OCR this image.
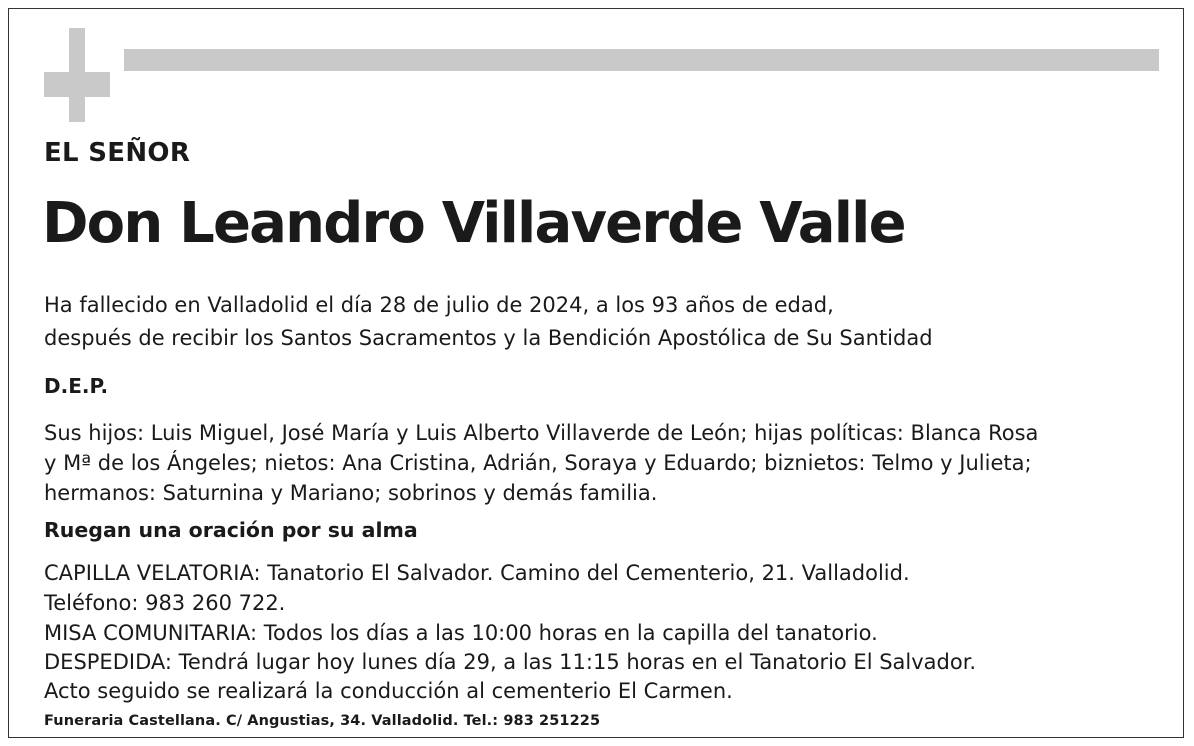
EL SEÑOR
Don Leandro Villaverde Valle
Ha fallecido en Valladolid el día 28 de julio de 2024, a los 93 años de edad,
después de recibir los Santos Sacramentos y la Bendición Apostólica de Su Santidad
D.E.P.
Sus hijos: Luis Miguel, José María y Luis Alberto Villaverde de León; hijas políticas: Blanca Rosa
y Mª de los Ángeles; nietos: Ana Cristina, Adrián, Soraya y Eduardo; biznietos: Telmo y Julieta;
hermanos: Saturnina y Mariano; sobrinos y demás familia.
Ruegan una oración por su alma
CAPILLA VELATORIA: Tanatorio El Salvador. Camino del Cementerio, 21. Valladolid.
Teléfono: 983 260 722.
MISA COMUNITARIA: Todos los días a las 10:00 horas en la capilla del tanatorio.
DESPEDIDA: Tendrá lugar hoy lunes día 29, a las 11:15 horas en el Tanatorio El Salvador.
Acto seguido se realizará la conducción al cementerio El Carmen.
Funeraria Castellana. C/ Angustias, 34. Valladolid. Tel.: 983 251225
